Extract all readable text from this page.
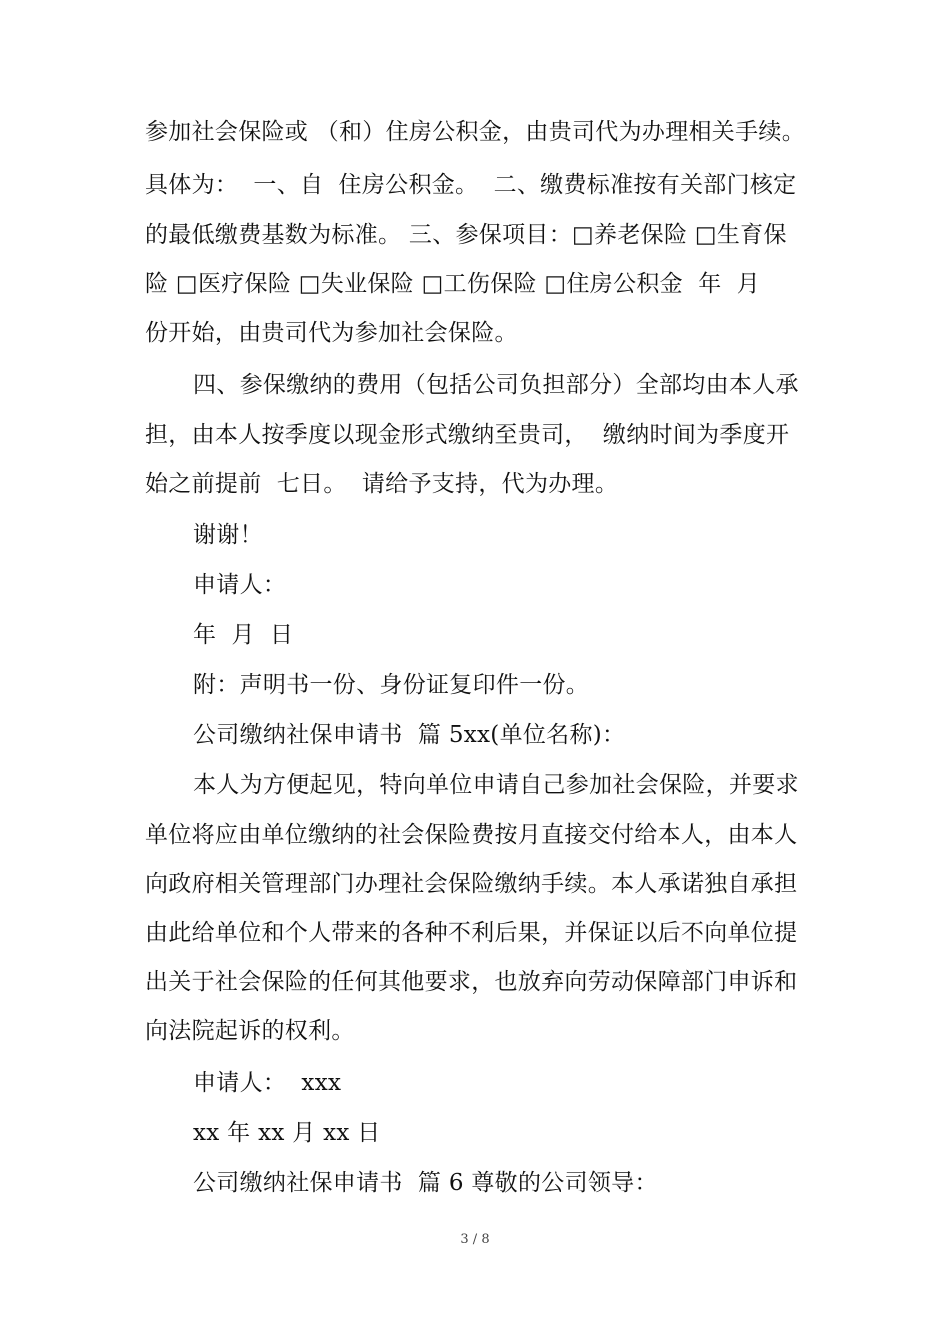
参加社会保险或 （和）住房公积金，由贵司代为办理相关手续。
具体为：  一、自  住房公积金。  二、缴费标准按有关部门核定
的最低缴费基数为标准。 三、参保项目：□养老保险 □生育保
险 □医疗保险 □失业保险 □工伤保险 □住房公积金  年  月
份开始，由贵司代为参加社会保险。
四、参保缴纳的费用（包括公司负担部分）全部均由本人承
担，由本人按季度以现金形式缴纳至贵司，  缴纳时间为季度开
始之前提前  七日。  请给予支持，代为办理。
谢谢！
申请人：
年  月  日
附：声明书一份、身份证复印件一份。
公司缴纳社保申请书  篇 5xx(单位名称)：
本人为方便起见，特向单位申请自己参加社会保险，并要求
单位将应由单位缴纳的社会保险费按月直接交付给本人，由本人
向政府相关管理部门办理社会保险缴纳手续。本人承诺独自承担
由此给单位和个人带来的各种不利后果，并保证以后不向单位提
出关于社会保险的任何其他要求，也放弃向劳动保障部门申诉和
向法院起诉的权利。
申请人：  xxx
xx 年 xx 月 xx 日
公司缴纳社保申请书  篇 6 尊敬的公司领导：
3 / 8
